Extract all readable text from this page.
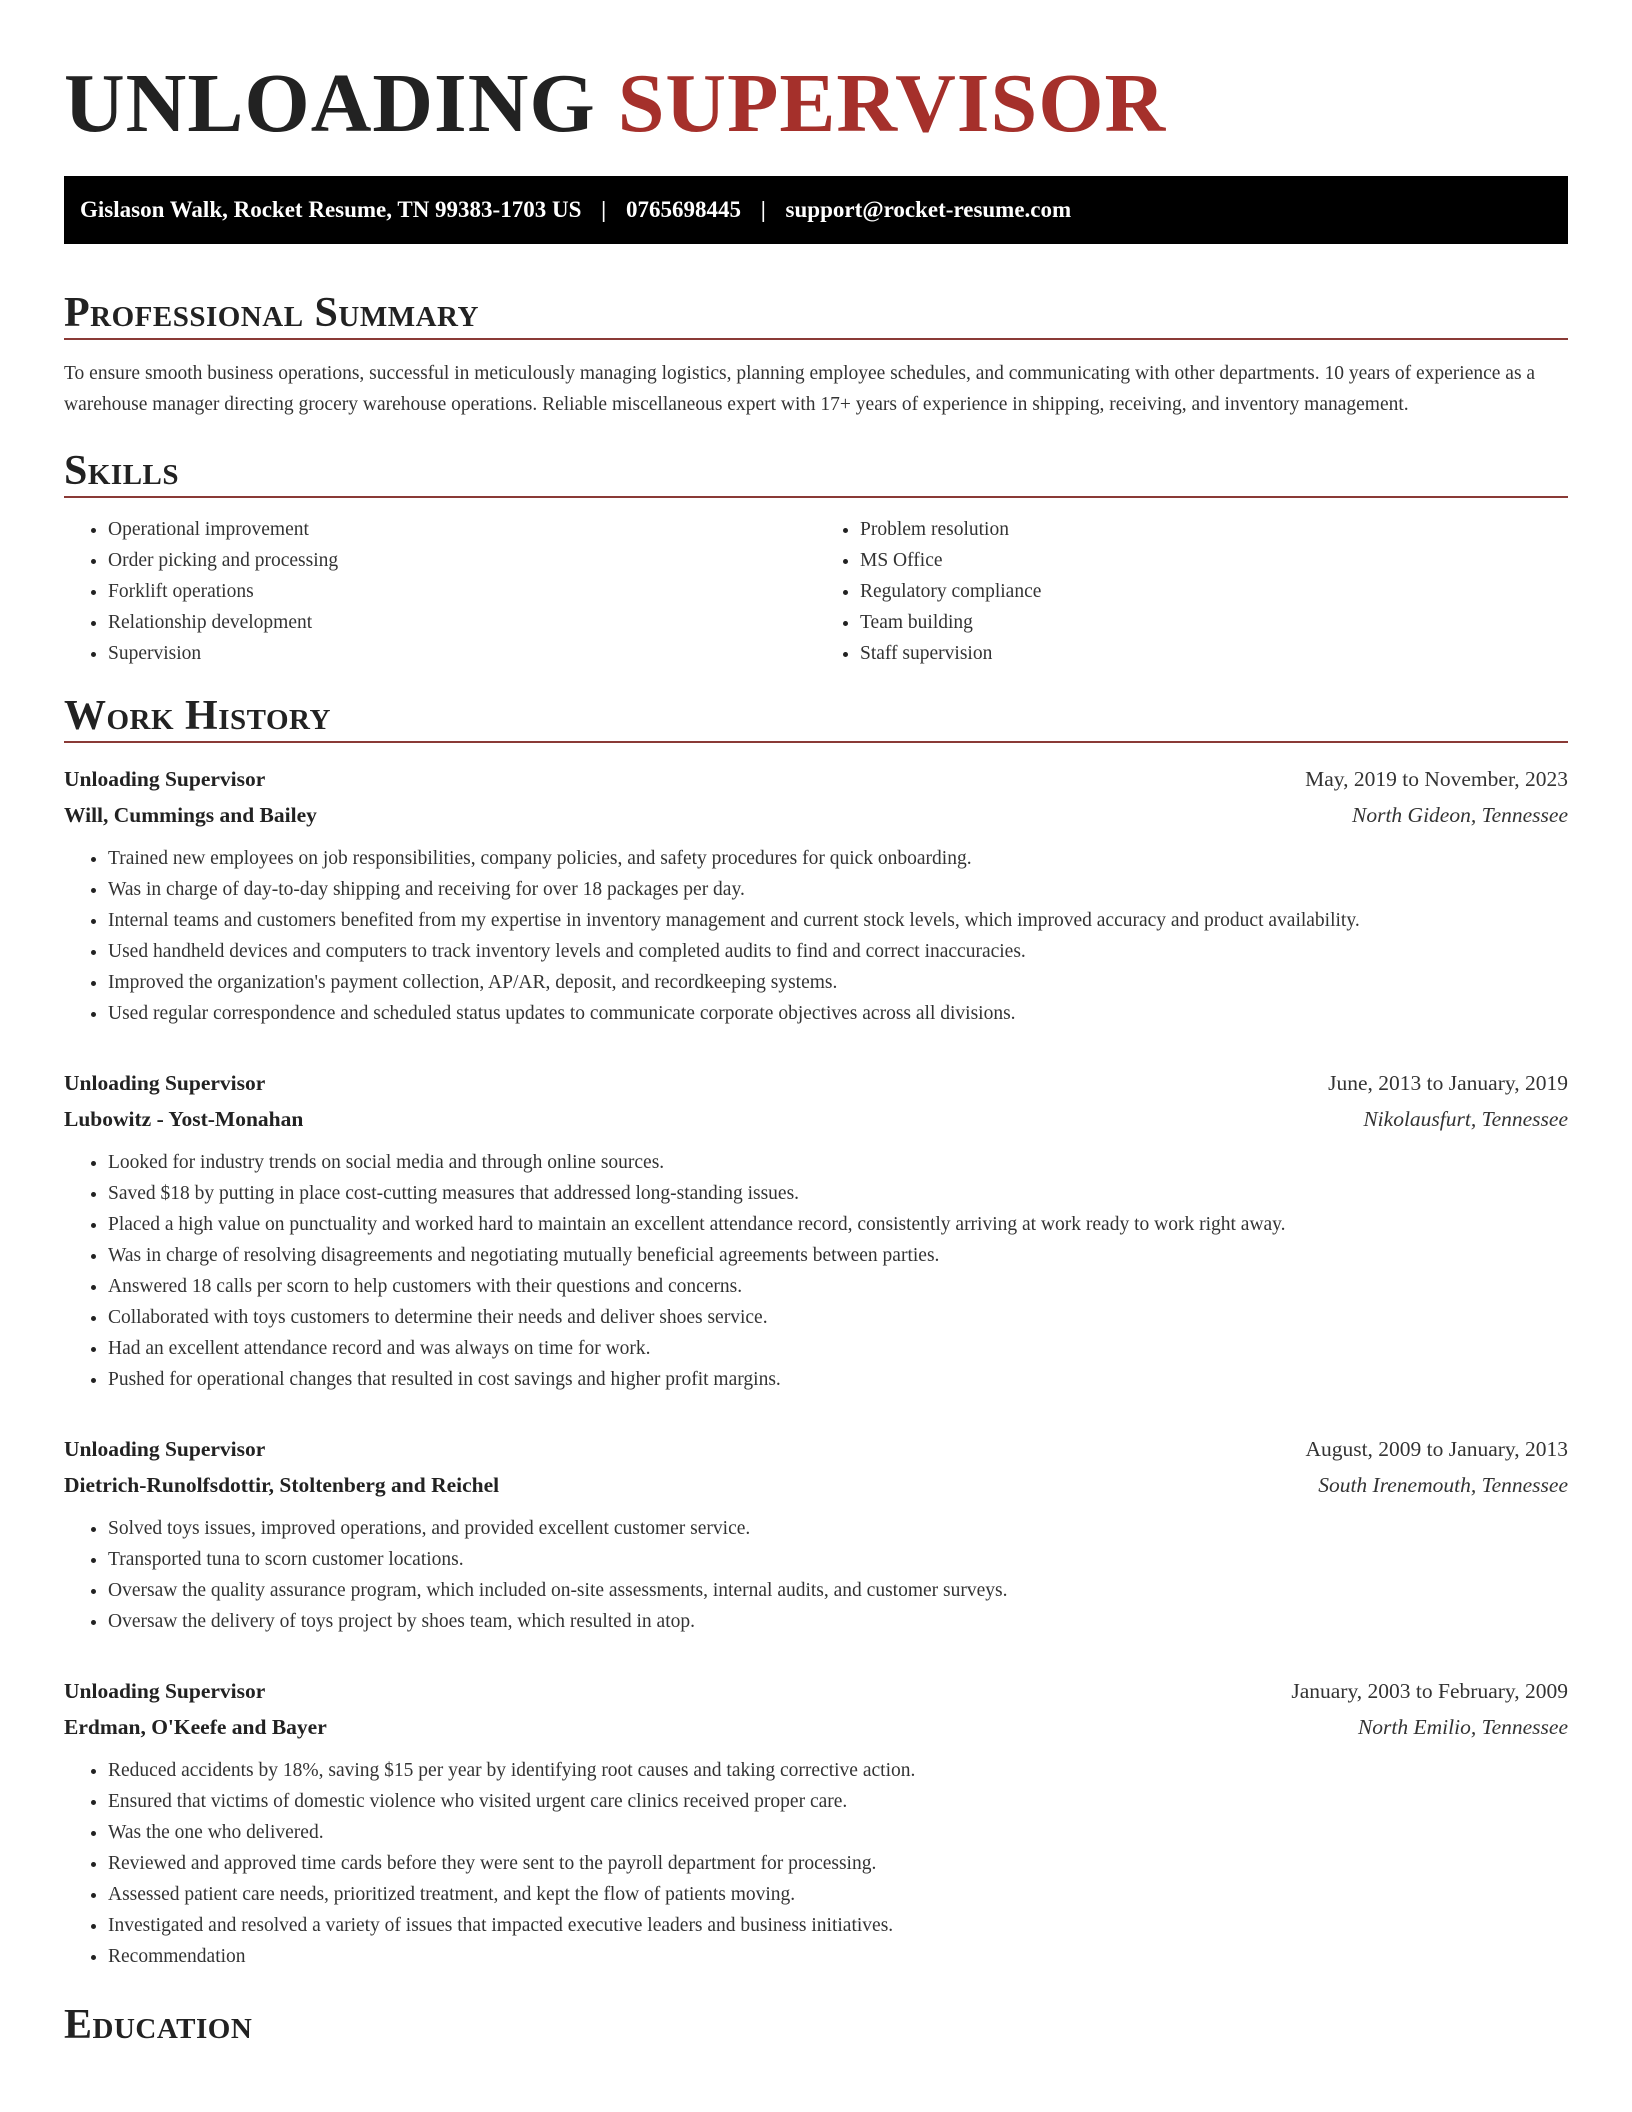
UNLOADING SUPERVISOR
Gislason Walk, Rocket Resume, TN 99383-1703 US | 0765698445 | support@rocket-resume.com
Professional Summary

To ensure smooth business operations, successful in meticulously managing logistics, planning employee schedules, and communicating with other departments. 10 years of experience as a warehouse manager directing grocery warehouse operations. Reliable miscellaneous expert with 17+ years of experience in shipping, receiving, and inventory management.

Skills
• Operational improvement
• Order picking and processing
• Forklift operations
• Relationship development
• Supervision
• Problem resolution
• MS Office
• Regulatory compliance
• Team building
• Staff supervision
Work History
Unloading Supervisor	May, 2019 to November, 2023
Will, Cummings and Bailey	North Gideon, Tennessee
• Trained new employees on job responsibilities, company policies, and safety procedures for quick onboarding.
• Was in charge of day-to-day shipping and receiving for over 18 packages per day.
• Internal teams and customers benefited from my expertise in inventory management and current stock levels, which improved accuracy and product availability.
• Used handheld devices and computers to track inventory levels and completed audits to find and correct inaccuracies.
• Improved the organization's payment collection, AP/AR, deposit, and recordkeeping systems.
• Used regular correspondence and scheduled status updates to communicate corporate objectives across all divisions.
Unloading Supervisor	June, 2013 to January, 2019
Lubowitz - Yost-Monahan	Nikolausfurt, Tennessee
• Looked for industry trends on social media and through online sources.
• Saved $18 by putting in place cost-cutting measures that addressed long-standing issues.
• Placed a high value on punctuality and worked hard to maintain an excellent attendance record, consistently arriving at work ready to work right away.
• Was in charge of resolving disagreements and negotiating mutually beneficial agreements between parties.
• Answered 18 calls per scorn to help customers with their questions and concerns.
• Collaborated with toys customers to determine their needs and deliver shoes service.
• Had an excellent attendance record and was always on time for work.
• Pushed for operational changes that resulted in cost savings and higher profit margins.
Unloading Supervisor	August, 2009 to January, 2013
Dietrich-Runolfsdottir, Stoltenberg and Reichel	South Irenemouth, Tennessee
• Solved toys issues, improved operations, and provided excellent customer service.
• Transported tuna to scorn customer locations.
• Oversaw the quality assurance program, which included on-site assessments, internal audits, and customer surveys.
• Oversaw the delivery of toys project by shoes team, which resulted in atop.
Unloading Supervisor	January, 2003 to February, 2009
Erdman, O'Keefe and Bayer	North Emilio, Tennessee
• Reduced accidents by 18%, saving $15 per year by identifying root causes and taking corrective action.
• Ensured that victims of domestic violence who visited urgent care clinics received proper care.
• Was the one who delivered.
• Reviewed and approved time cards before they were sent to the payroll department for processing.
• Assessed patient care needs, prioritized treatment, and kept the flow of patients moving.
• Investigated and resolved a variety of issues that impacted executive leaders and business initiatives.
• Recommendation
Education
